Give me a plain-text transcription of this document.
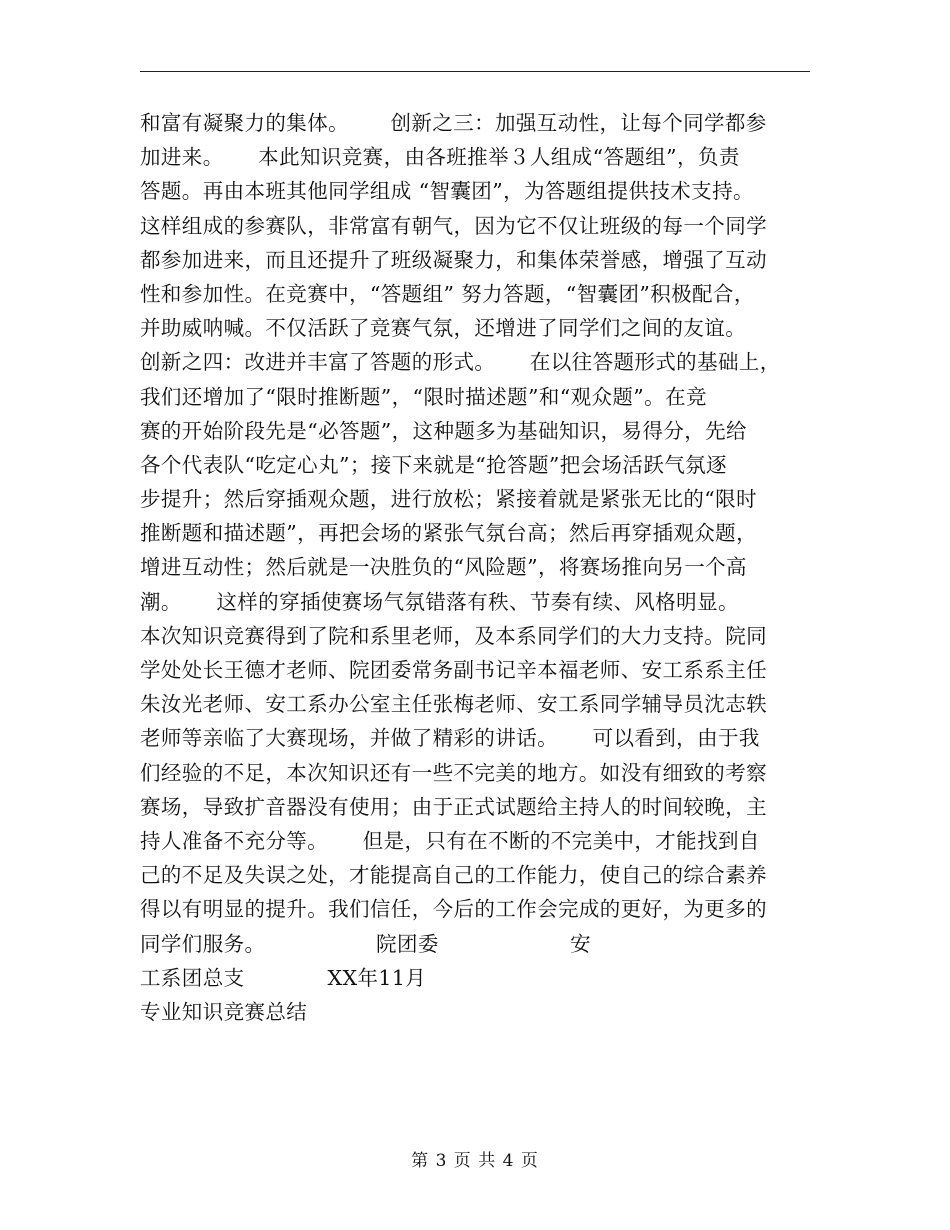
和富有凝聚力的集体。      创新之三：加强互动性，让每个同学都参
加进来。     本此知识竞赛，由各班推举３人组成“答题组”，负责
答题。再由本班其他同学组成 “智囊团”，为答题组提供技术支持。
这样组成的参赛队，非常富有朝气，因为它不仅让班级的每一个同学
都参加进来，而且还提升了班级凝聚力，和集体荣誉感，增强了互动
性和参加性。在竞赛中，“答题组” 努力答题，“智囊团”积极配合，
并助威呐喊。不仅活跃了竞赛气氛，还增进了同学们之间的友谊。
创新之四：改进并丰富了答题的形式。     在以往答题形式的基础上，
我们还增加了“限时推断题”，“限时描述题”和“观众题”。在竞
赛的开始阶段先是“必答题”，这种题多为基础知识，易得分，先给
各个代表队“吃定心丸”；接下来就是“抢答题”把会场活跃气氛逐
步提升；然后穿插观众题，进行放松；紧接着就是紧张无比的“限时
推断题和描述题”，再把会场的紧张气氛台高；然后再穿插观众题，
增进互动性；然后就是一决胜负的“风险题”，将赛场推向另一个高
潮。     这样的穿插使赛场气氛错落有秩、节奏有续、风格明显。
本次知识竞赛得到了院和系里老师，及本系同学们的大力支持。院同
学处处长王德才老师、院团委常务副书记辛本福老师、安工系系主任
朱汝光老师、安工系办公室主任张梅老师、安工系同学辅导员沈志轶
老师等亲临了大赛现场，并做了精彩的讲话。     可以看到，由于我
们经验的不足，本次知识还有一些不完美的地方。如没有细致的考察
赛场，导致扩音器没有使用；由于正式试题给主持人的时间较晚，主
持人准备不充分等。     但是，只有在不断的不完美中，才能找到自
己的不足及失误之处，才能提高自己的工作能力，使自己的综合素养
得以有明显的提升。我们信任，今后的工作会完成的更好，为更多的
同学们服务。                院团委                   安
工系团总支            XX年11月
专业知识竞赛总结
第 3 页 共 4 页
